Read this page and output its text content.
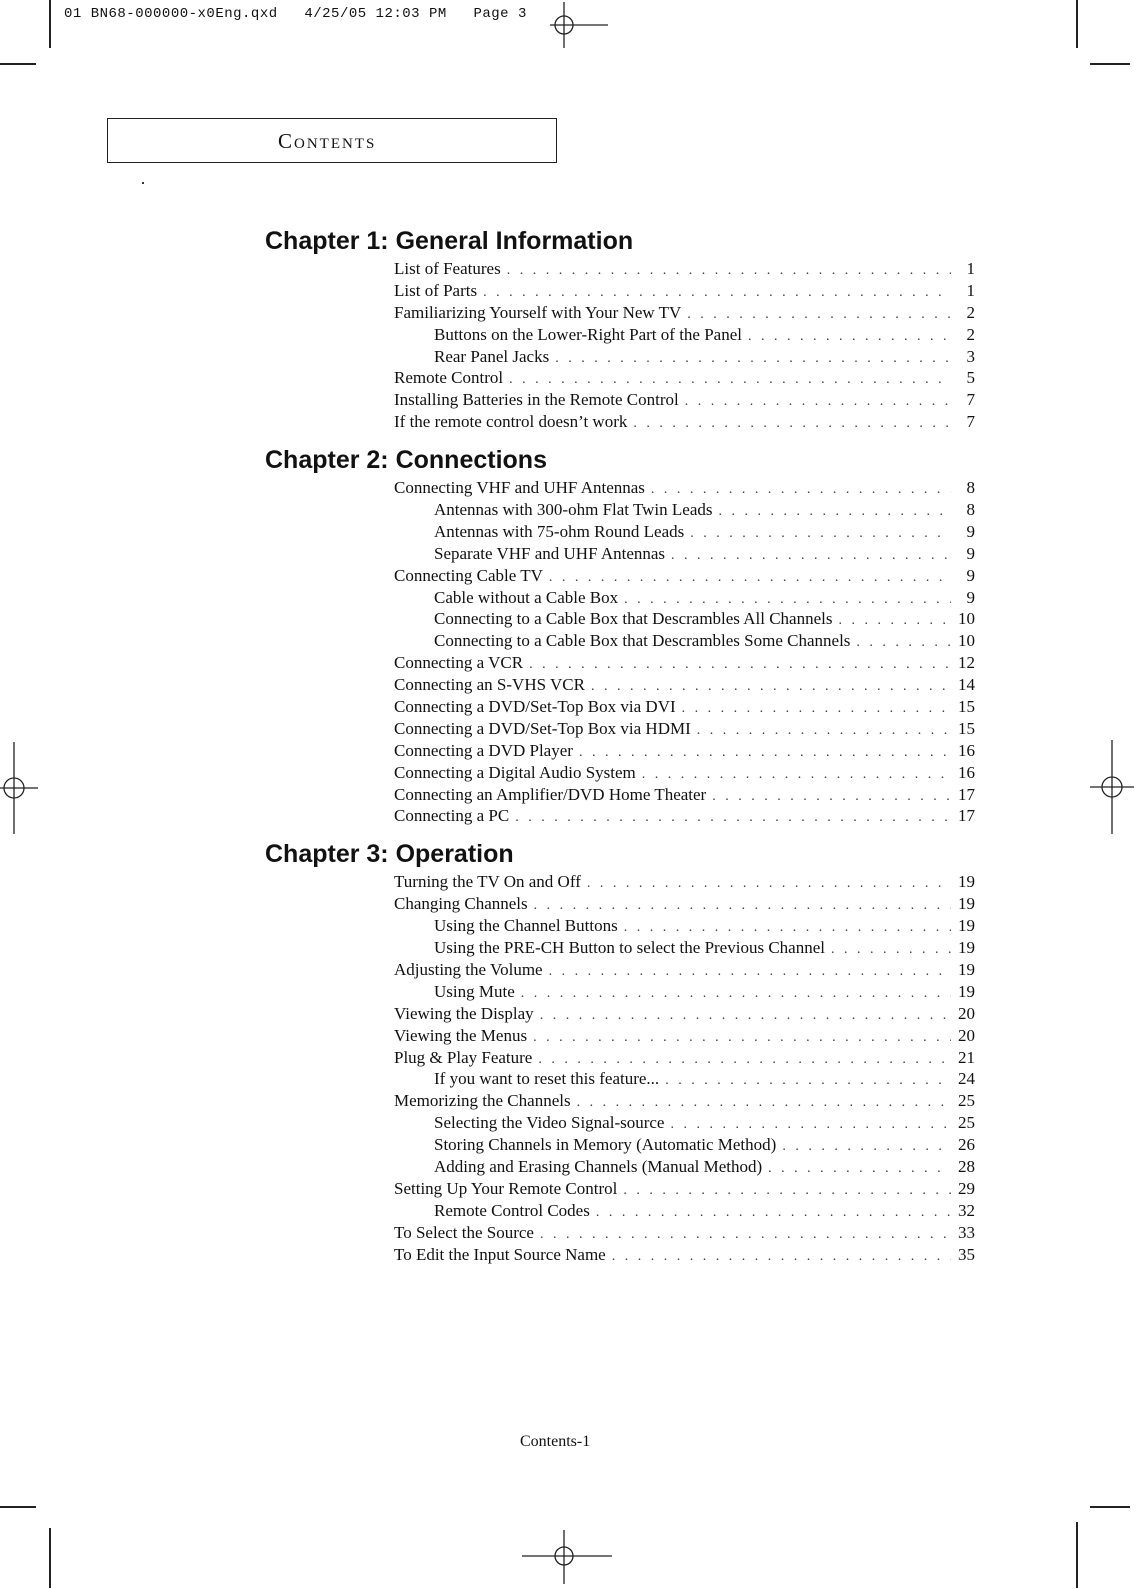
01 BN68-000000-x0Eng.qxd   4/25/05 12:03 PM   Page 3
Contents
Chapter 1: General Information
List of Features . . .	1
List of Parts . . .	1
Familiarizing Yourself with Your New TV . . .	2
Buttons on the Lower-Right Part of the Panel . . .	2
Rear Panel Jacks . . .	3
Remote Control . . .	5
Installing Batteries in the Remote Control . . .	7
If the remote control doesn’t work . . .	7
Chapter 2: Connections
Connecting VHF and UHF Antennas . . .	8
Antennas with 300-ohm Flat Twin Leads . . .	8
Antennas with 75-ohm Round Leads . . .	9
Separate VHF and UHF Antennas . . .	9
Connecting Cable TV . . .	9
Cable without a Cable Box . . .	9
Connecting to a Cable Box that Descrambles All Channels . . .	10
Connecting to a Cable Box that Descrambles Some Channels . . .	10
Connecting a VCR . . .	12
Connecting an S-VHS VCR . . .	14
Connecting a DVD/Set-Top Box via DVI . . .	15
Connecting a DVD/Set-Top Box via HDMI . . .	15
Connecting a DVD Player . . .	16
Connecting a Digital Audio System . . .	16
Connecting an Amplifier/DVD Home Theater . . .	17
Connecting a PC . . .	17
Chapter 3: Operation
Turning the TV On and Off . . .	19
Changing Channels . . .	19
Using the Channel Buttons . . .	19
Using the PRE-CH Button to select the Previous Channel . . .	19
Adjusting the Volume . . .	19
Using Mute . . .	19
Viewing the Display . . .	20
Viewing the Menus . . .	20
Plug & Play Feature . . .	21
If you want to reset this feature... . . .	24
Memorizing the Channels . . .	25
Selecting the Video Signal-source . . .	25
Storing Channels in Memory (Automatic Method) . . .	26
Adding and Erasing Channels (Manual Method) . . .	28
Setting Up Your Remote Control . . .	29
Remote Control Codes . . .	32
To Select the Source . . .	33
To Edit the Input Source Name . . .	35
Contents-1
